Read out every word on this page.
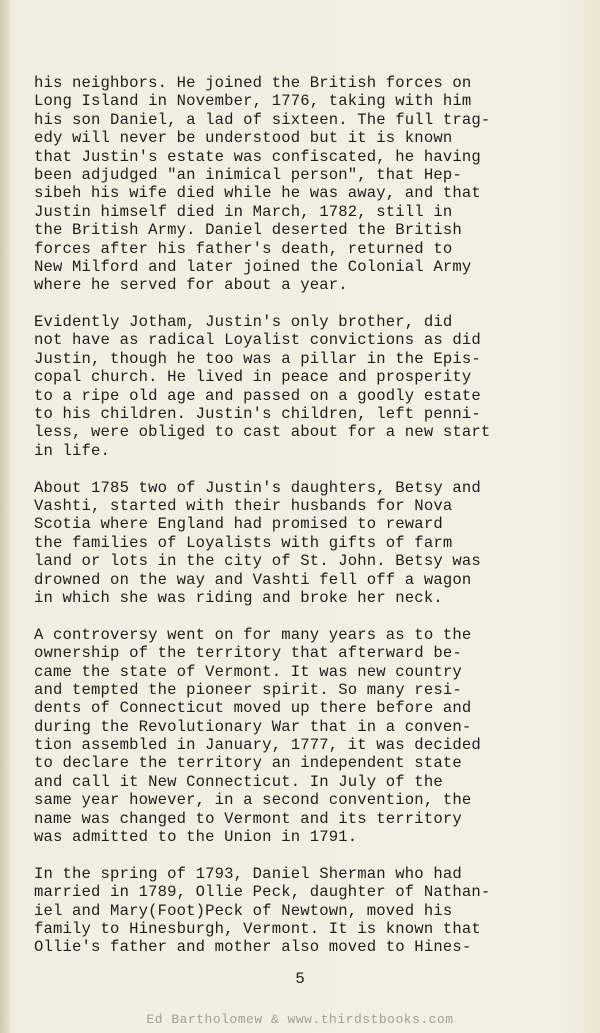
his neighbors. He joined the British forces on
Long Island in November, 1776, taking with him
his son Daniel, a lad of sixteen. The full trag-
edy will never be understood but it is known
that Justin's estate was confiscated, he having
been adjudged "an inimical person", that Hep-
sibeh his wife died while he was away, and that
Justin himself died in March, 1782, still in
the British Army. Daniel deserted the British
forces after his father's death, returned to
New Milford and later joined the Colonial Army
where he served for about a year.
Evidently Jotham, Justin's only brother, did
not have as radical Loyalist convictions as did
Justin, though he too was a pillar in the Epis-
copal church. He lived in peace and prosperity
to a ripe old age and passed on a goodly estate
to his children. Justin's children, left penni-
less, were obliged to cast about for a new start
in life.
About 1785 two of Justin's daughters, Betsy and
Vashti, started with their husbands for Nova
Scotia where England had promised to reward
the families of Loyalists with gifts of farm
land or lots in the city of St. John. Betsy was
drowned on the way and Vashti fell off a wagon
in which she was riding and broke her neck.
A controversy went on for many years as to the
ownership of the territory that afterward be-
came the state of Vermont. It was new country
and tempted the pioneer spirit. So many resi-
dents of Connecticut moved up there before and
during the Revolutionary War that in a conven-
tion assembled in January, 1777, it was decided
to declare the territory an independent state
and call it New Connecticut. In July of the
same year however, in a second convention, the
name was changed to Vermont and its territory
was admitted to the Union in 1791.
In the spring of 1793, Daniel Sherman who had
married in 1789, Ollie Peck, daughter of Nathan-
iel and Mary(Foot)Peck of Newtown, moved his
family to Hinesburgh, Vermont. It is known that
Ollie's father and mother also moved to Hines-
5
Ed Bartholomew & www.thirdstbooks.com
